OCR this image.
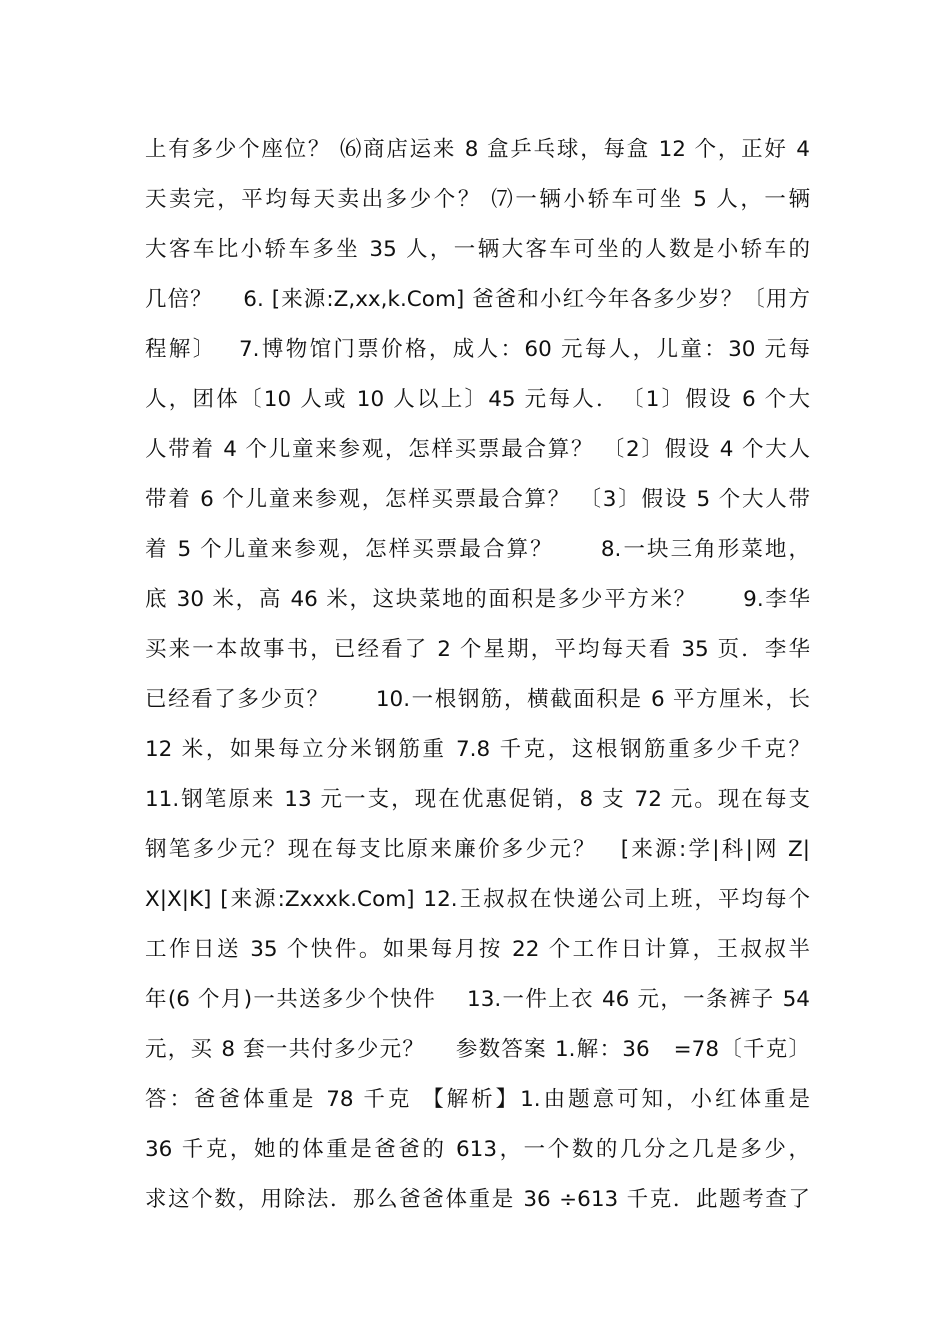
上有多少个座位？ ⑹商店运来 8 盒乒乓球，每盒 12 个，正好 4
天卖完，平均每天卖出多少个？ ⑺一辆小轿车可坐 5 人，一辆
大客车比小轿车多坐 35 人，一辆大客车可坐的人数是小轿车的
几倍？　 6. [来源:Z,xx,k.Com] 爸爸和小红今年各多少岁？〔用方
程解〕　 7.博物馆门票价格，成人：60 元每人，儿童：30 元每
人，团体〔10 人或 10 人以上〕45 元每人．　〔1〕假设 6 个大
人带着 4 个儿童来参观，怎样买票最合算？ 〔2〕假设 4 个大人
带着 6 个儿童来参观，怎样买票最合算？ 〔3〕假设 5 个大人带
着 5 个儿童来参观，怎样买票最合算？　　8.一块三角形菜地，
底 30 米，高 46 米，这块菜地的面积是多少平方米？　　9.李华
买来一本故事书，已经看了 2 个星期，平均每天看 35 页．李华
已经看了多少页？　　10.一根钢筋，横截面积是 6 平方厘米，长
12 米，如果每立分米钢筋重 7.8 千克，这根钢筋重多少千克？
11.钢笔原来 13 元一支，现在优惠促销，8 支 72 元。现在每支
钢笔多少元？现在每支比原来廉价多少元？　[来源:学|科|网 Z|
X|X|K] [来源:Zxxxk.Com] 12.王叔叔在快递公司上班，平均每个
工作日送 35 个快件。如果每月按 22 个工作日计算，王叔叔半
年(6 个月)一共送多少个快件　 13.一件上衣 46 元，一条裤子 54
元，买 8 套一共付多少元？　 参数答案 1.解：36　=78〔千克〕
答：爸爸体重是 78 千克 【解析】1.由题意可知，小红体重是
36 千克，她的体重是爸爸的 613，一个数的几分之几是多少，
求这个数，用除法．那么爸爸体重是 36 ÷613 千克．此题考查了
